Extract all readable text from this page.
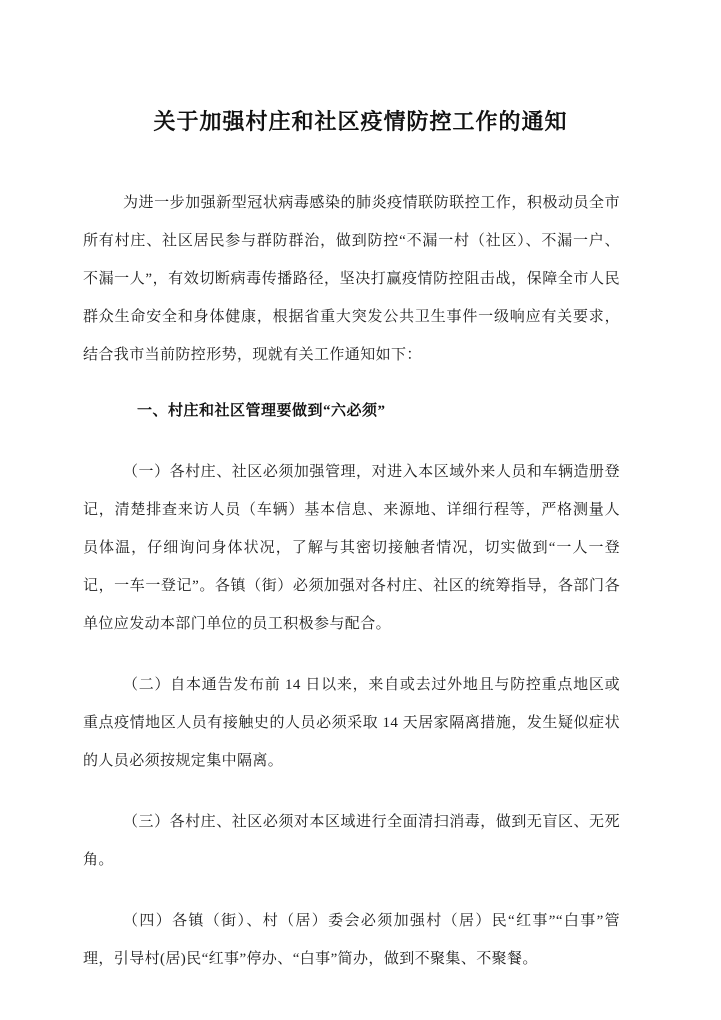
关于加强村庄和社区疫情防控工作的通知

为进一步加强新型冠状病毒感染的肺炎疫情联防联控工作，积极动员全市所有村庄、社区居民参与群防群治，做到防控“不漏一村（社区）、不漏一户、不漏一人”，有效切断病毒传播路径，坚决打赢疫情防控阻击战，保障全市人民群众生命安全和身体健康，根据省重大突发公共卫生事件一级响应有关要求，结合我市当前防控形势，现就有关工作通知如下：

一、村庄和社区管理要做到“六必须”

（一）各村庄、社区必须加强管理，对进入本区域外来人员和车辆造册登记，清楚排查来访人员（车辆）基本信息、来源地、详细行程等，严格测量人员体温，仔细询问身体状况，了解与其密切接触者情况，切实做到“一人一登记，一车一登记”。各镇（街）必须加强对各村庄、社区的统筹指导，各部门各单位应发动本部门单位的员工积极参与配合。

（二）自本通告发布前 14 日以来，来自或去过外地且与防控重点地区或重点疫情地区人员有接触史的人员必须采取 14 天居家隔离措施，发生疑似症状的人员必须按规定集中隔离。

（三）各村庄、社区必须对本区域进行全面清扫消毒，做到无盲区、无死角。

（四）各镇（街）、村（居）委会必须加强村（居）民“红事”“白事”管理，引导村(居)民“红事”停办、“白事”简办，做到不聚集、不聚餐。
